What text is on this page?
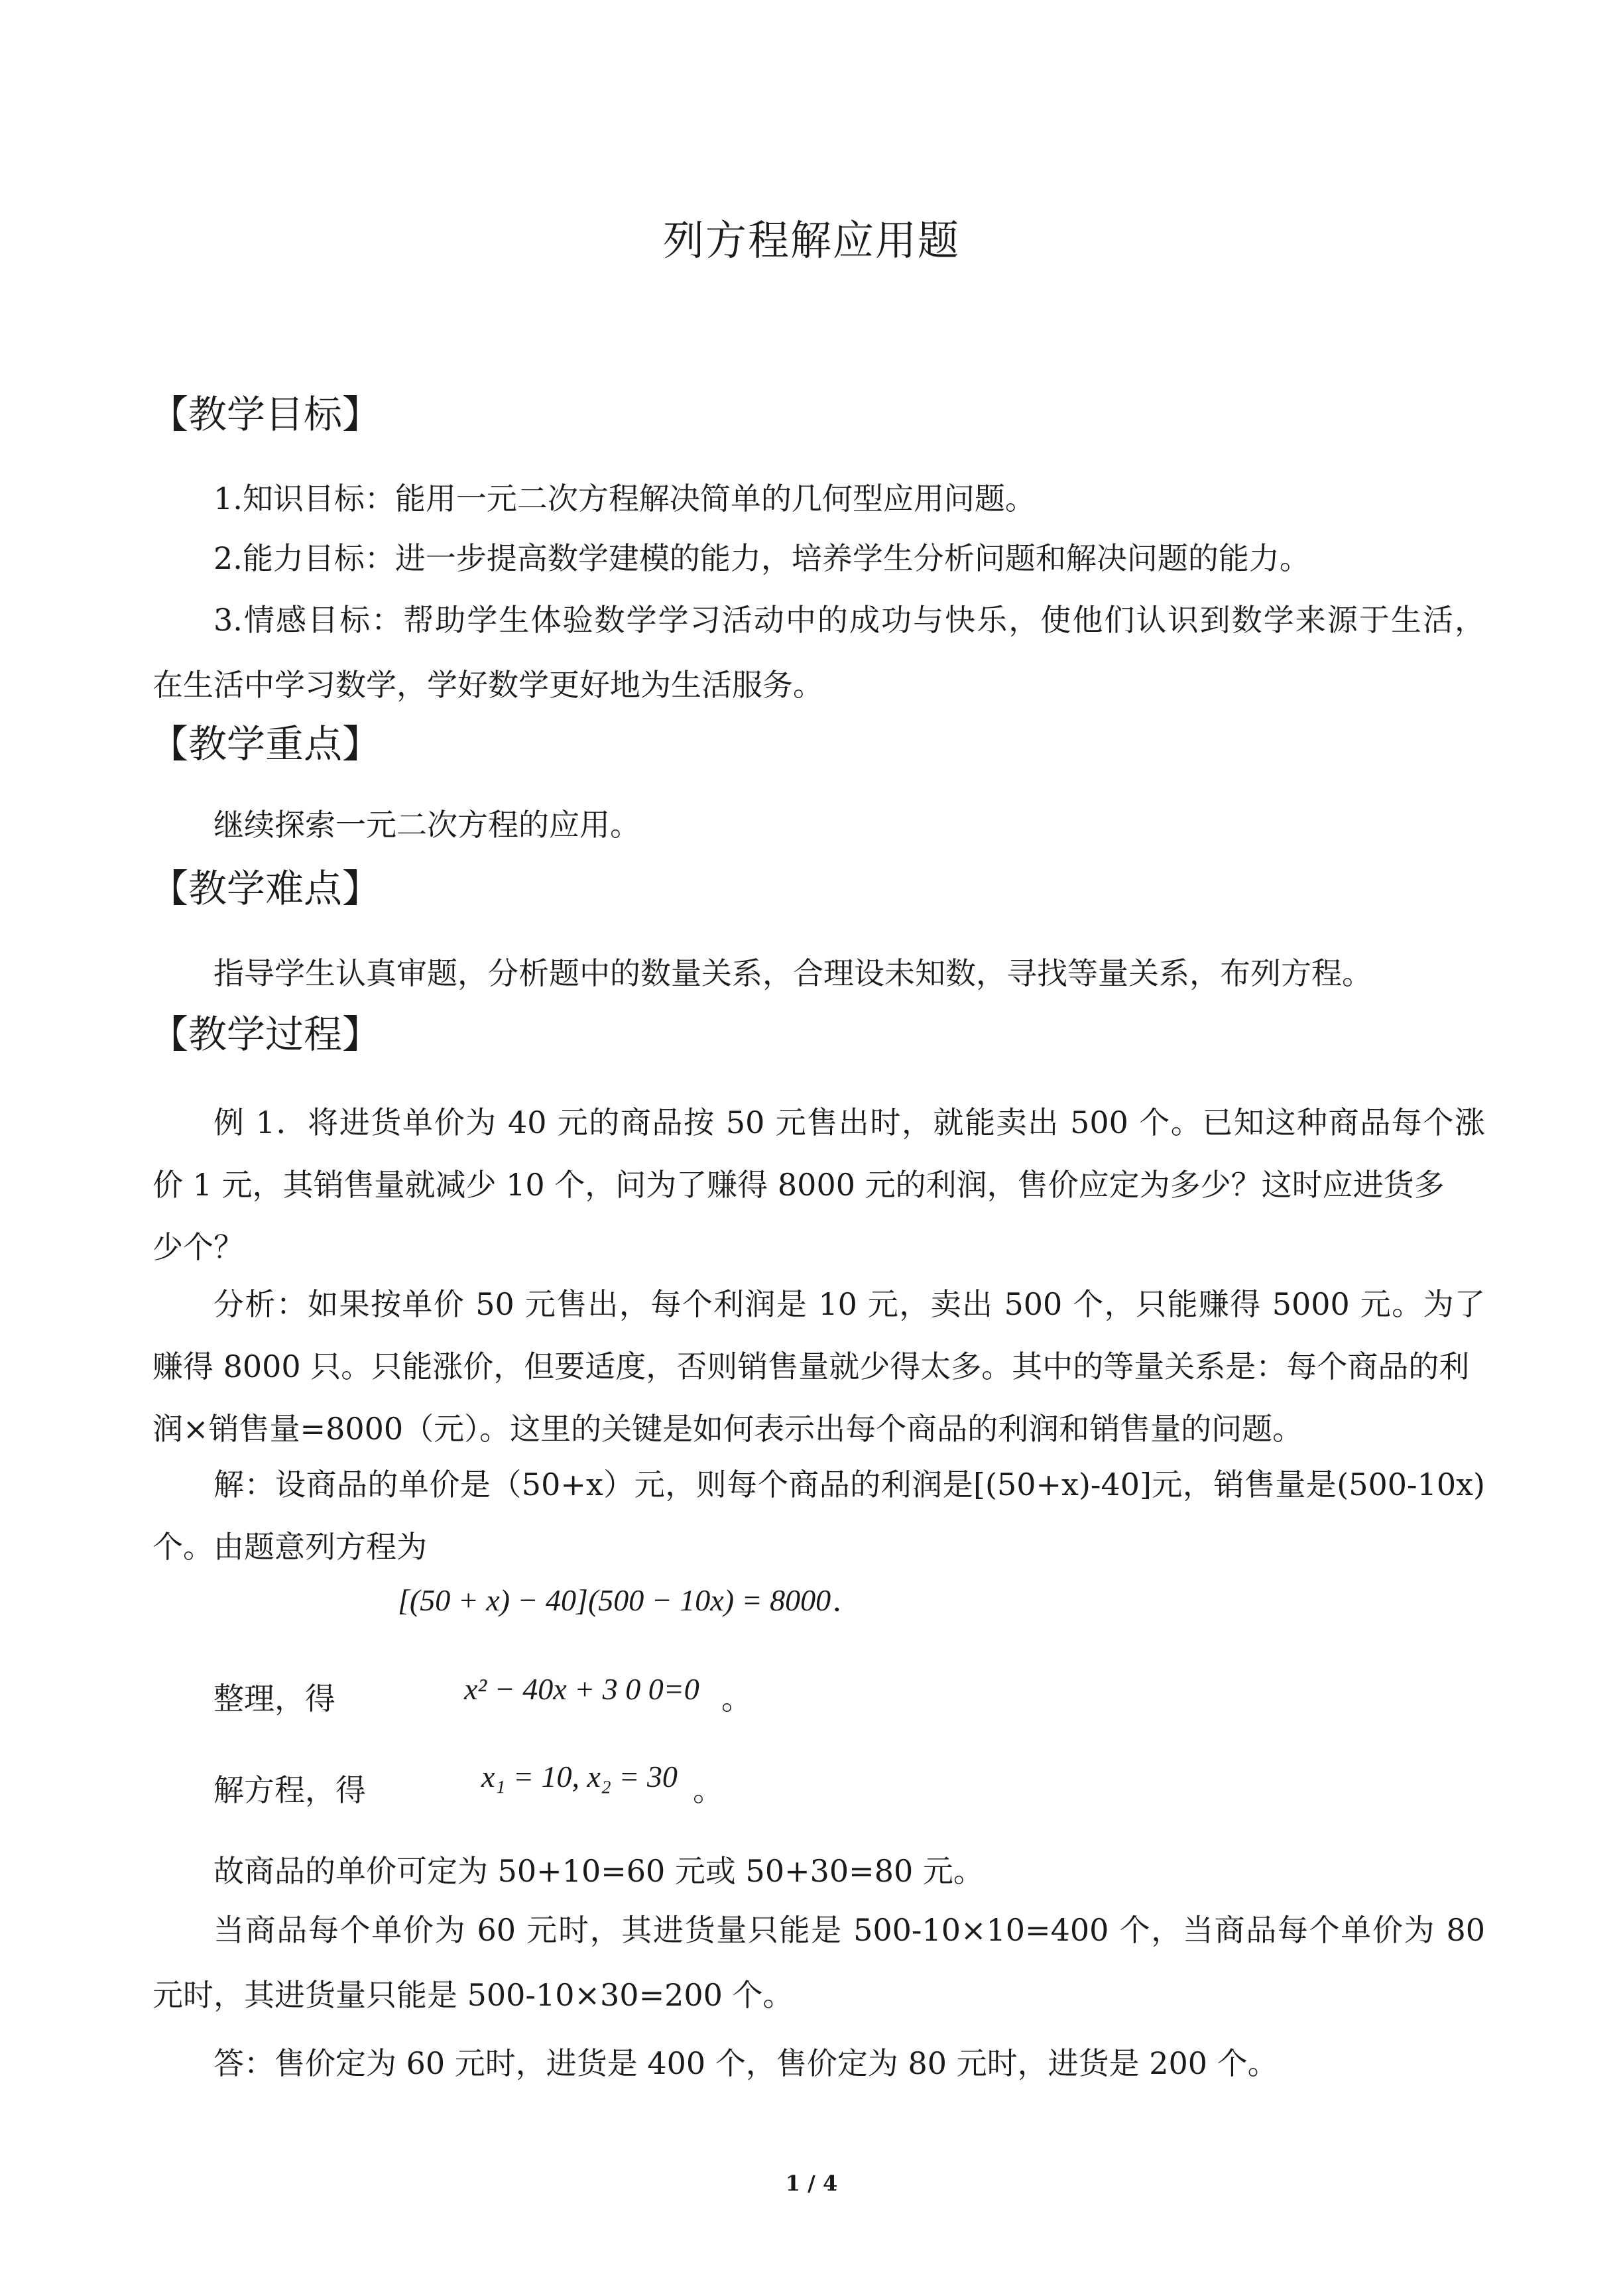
列方程解应用题
【教学目标】
1.知识目标：能用一元二次方程解决简单的几何型应用问题。
2.能力目标：进一步提高数学建模的能力，培养学生分析问题和解决问题的能力。
3.情感目标：帮助学生体验数学学习活动中的成功与快乐，使他们认识到数学来源于生活，
在生活中学习数学，学好数学更好地为生活服务。
【教学重点】
继续探索一元二次方程的应用。
【教学难点】
指导学生认真审题，分析题中的数量关系，合理设未知数，寻找等量关系，布列方程。
【教学过程】
例 1．将进货单价为 40 元的商品按 50 元售出时，就能卖出 500 个。已知这种商品每个涨
价 1 元，其销售量就减少 10 个，问为了赚得 8000 元的利润，售价应定为多少？这时应进货多少个？
分析：如果按单价 50 元售出，每个利润是 10 元，卖出 500 个，只能赚得 5000 元。为了
赚得 8000 只。只能涨价，但要适度，否则销售量就少得太多。其中的等量关系是：每个商品的利润×销售量=8000（元）。这里的关键是如何表示出每个商品的利润和销售量的问题。
解：设商品的单价是（50+x）元，则每个商品的利润是[(50+x)-40]元，销售量是(500-10x)
个。由题意列方程为
[(50 + x) − 40](500 − 10x) = 8000 .
整理，得	x² − 40x + 3 0 0=0 。
解方程，得	x₁ = 10, x₂ = 30 。
故商品的单价可定为 50+10=60 元或 50+30=80 元。
当商品每个单价为 60 元时，其进货量只能是 500-10×10=400 个，当商品每个单价为 80
元时，其进货量只能是 500-10×30=200 个。
答：售价定为 60 元时，进货是 400 个，售价定为 80 元时，进货是 200 个。
1 / 4
